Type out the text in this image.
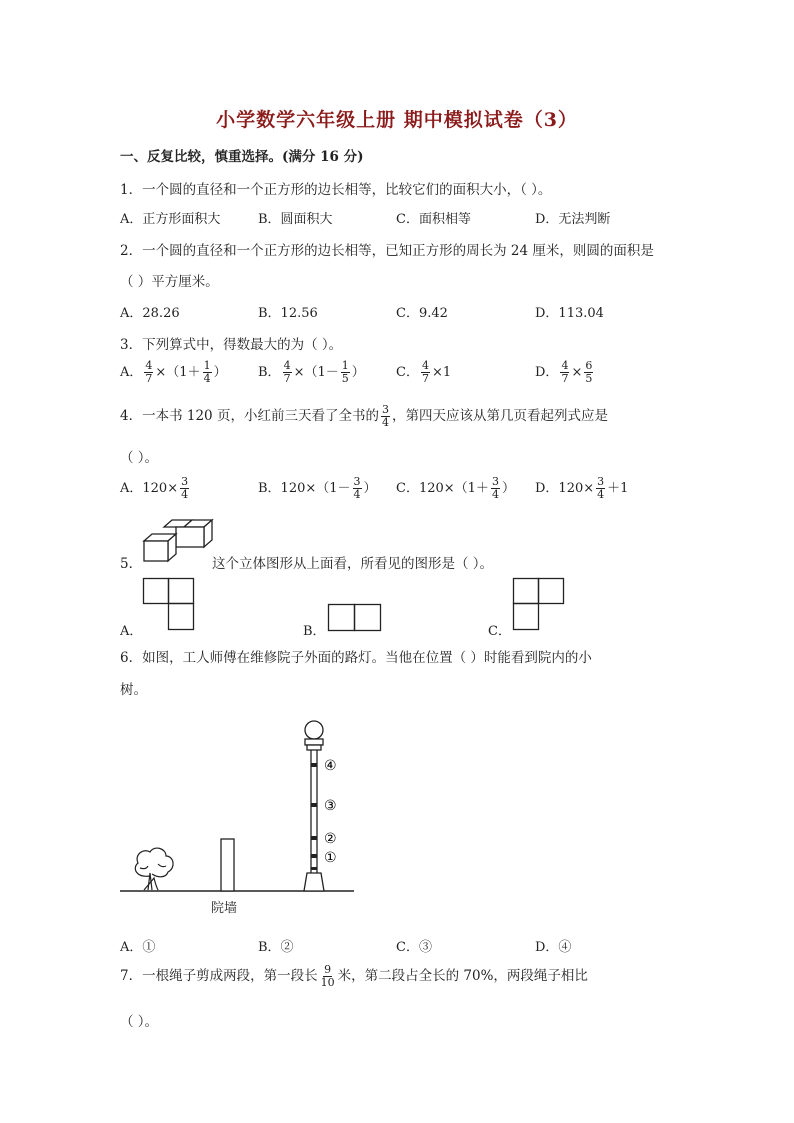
小学数学六年级上册 期中模拟试卷（3）
一、反复比较，慎重选择。(满分 16 分)
1．一个圆的直径和一个正方形的边长相等，比较它们的面积大小，（ ）。
A．正方形面积大	B．圆面积大	C．面积相等	D．无法判断
2．一个圆的直径和一个正方形的边长相等，已知正方形的周长为 24 厘米，则圆的面积是
（ ）平方厘米。
A．28.26	B．12.56	C．9.42	D．113.04
3．下列算式中，得数最大的为（ ）。
A． $\frac{4}{7} \times(1+ \frac{1}{4}$ ） B． $\frac{4}{7} \times(1- \frac{1}{5}$ ） C． $\frac{4}{7} \times 1$	D． $\frac{4}{7} \times \frac{6}{5}$
4．一本书 120 页，小红前三天看了全书的 $\frac{3}{4}$ ，第四天应该从第几页看起列式应是
（ ）。
A．$120\times \frac{3}{4}$	B．$120\times(1- \frac{3}{4}$ ） C．$120\times(1+ \frac{3}{4}$ ） D．$120\times \frac{3}{4} +1$
5．	这个立体图形从上面看，所看见的图形是（ ）。
A．	B．	C．
6．如图，工人师傅在维修院子外面的路灯。当他在位置（ ）时能看到院内的小
树。
④
③
②
①
院墙
A．①	B．②	C．③	D．④
7．一根绳子剪成两段，第一段长 $\frac{9}{10}$ 米，第二段占全长的 70%，两段绳子相比
（ ）。
